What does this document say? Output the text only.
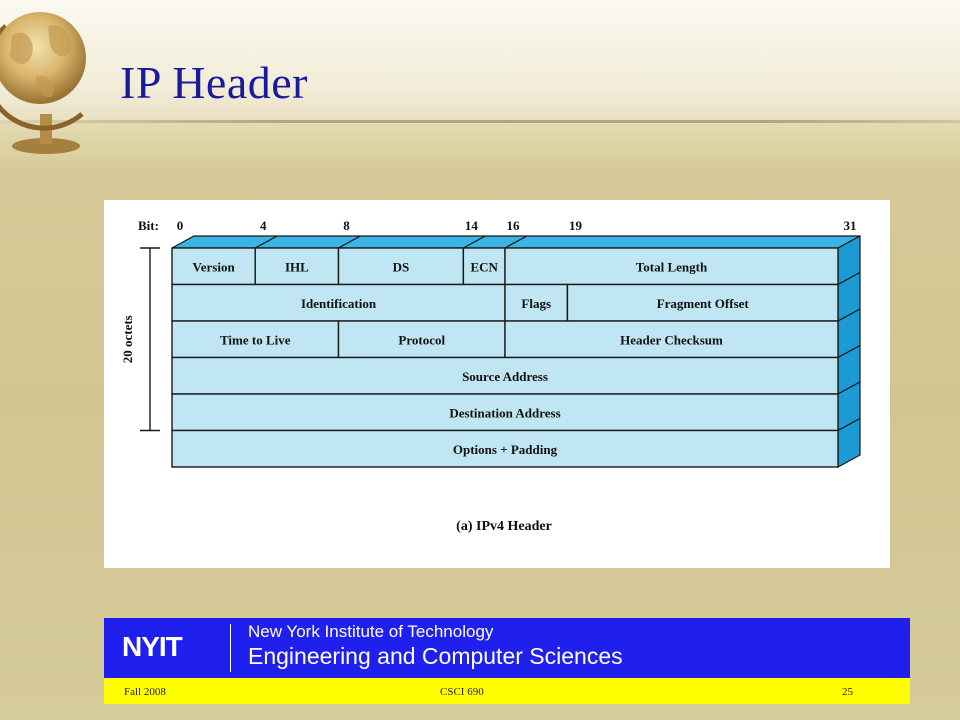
IP Header
Version	IHL	DS	ECN	Total Length
Identification	Flags	Fragment Offset
Time to Live	Protocol	Header Checksum
Source Address
Destination Address
Options + Padding
Bit: 0	4	8	14 16	19	31
20 octets
(a) IPv4 Header
NYIT	New York Institute of Technology
Engineering and Computer Sciences
Fall 2008	CSCI 690	25
